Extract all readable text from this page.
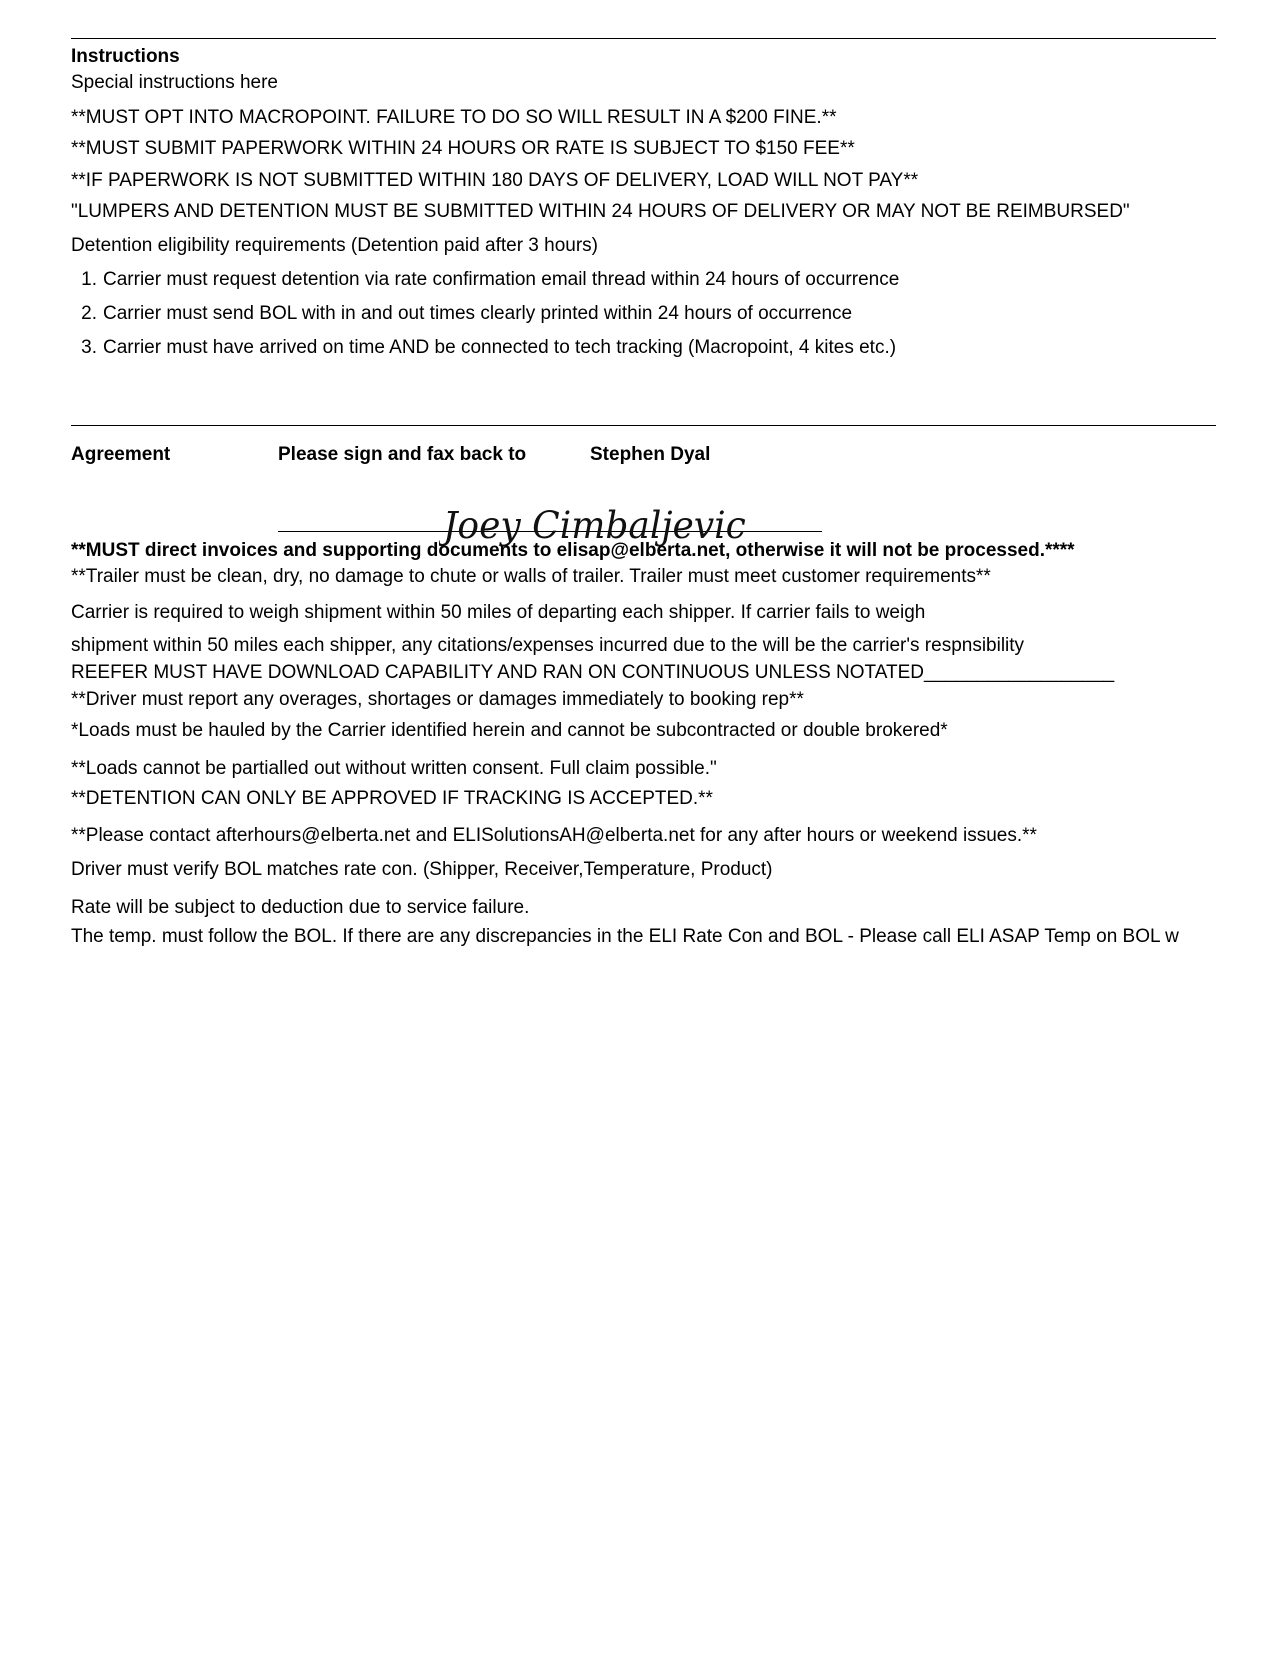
Instructions
Special instructions here
**MUST OPT INTO MACROPOINT. FAILURE TO DO SO WILL RESULT IN A $200 FINE.**
**MUST SUBMIT PAPERWORK WITHIN 24 HOURS OR RATE IS SUBJECT TO $150 FEE**
**IF PAPERWORK IS NOT SUBMITTED WITHIN 180 DAYS OF DELIVERY, LOAD WILL NOT PAY**
"LUMPERS AND DETENTION MUST BE SUBMITTED WITHIN 24 HOURS OF DELIVERY OR MAY NOT BE REIMBURSED"
Detention eligibility requirements (Detention paid after 3 hours)
1. Carrier must request detention via rate confirmation email thread within 24 hours of occurrence
2. Carrier must send BOL with in and out times clearly printed within 24 hours of occurrence
3. Carrier must have arrived on time AND be connected to tech tracking (Macropoint, 4 kites etc.)
Agreement	Please sign and fax back to	Stephen Dyal
Joey Cimbaljevic
**MUST direct invoices and supporting documents to elisap@elberta.net, otherwise it will not be processed.****
**Trailer must be clean, dry, no damage to chute or walls of trailer. Trailer must meet customer requirements**
Carrier is required to weigh shipment within 50 miles of departing each shipper. If carrier fails to weigh
shipment within 50 miles each shipper, any citations/expenses incurred due to the will be the carrier's respnsibility
REEFER MUST HAVE DOWNLOAD CAPABILITY AND RAN ON CONTINUOUS UNLESS NOTATED__________________
**Driver must report any overages, shortages or damages immediately to booking rep**
*Loads must be hauled by the Carrier identified herein and cannot be subcontracted or double brokered*
**Loads cannot be partialled out without written consent. Full claim possible."
**DETENTION CAN ONLY BE APPROVED IF TRACKING IS ACCEPTED.**
**Please contact afterhours@elberta.net and ELISolutionsAH@elberta.net for any after hours or weekend issues.**
Driver must verify BOL matches rate con. (Shipper, Receiver,Temperature, Product)
Rate will be subject to deduction due to service failure.
The temp. must follow the BOL. If there are any discrepancies in the ELI Rate Con and BOL - Please call ELI ASAP Temp on BOL w
